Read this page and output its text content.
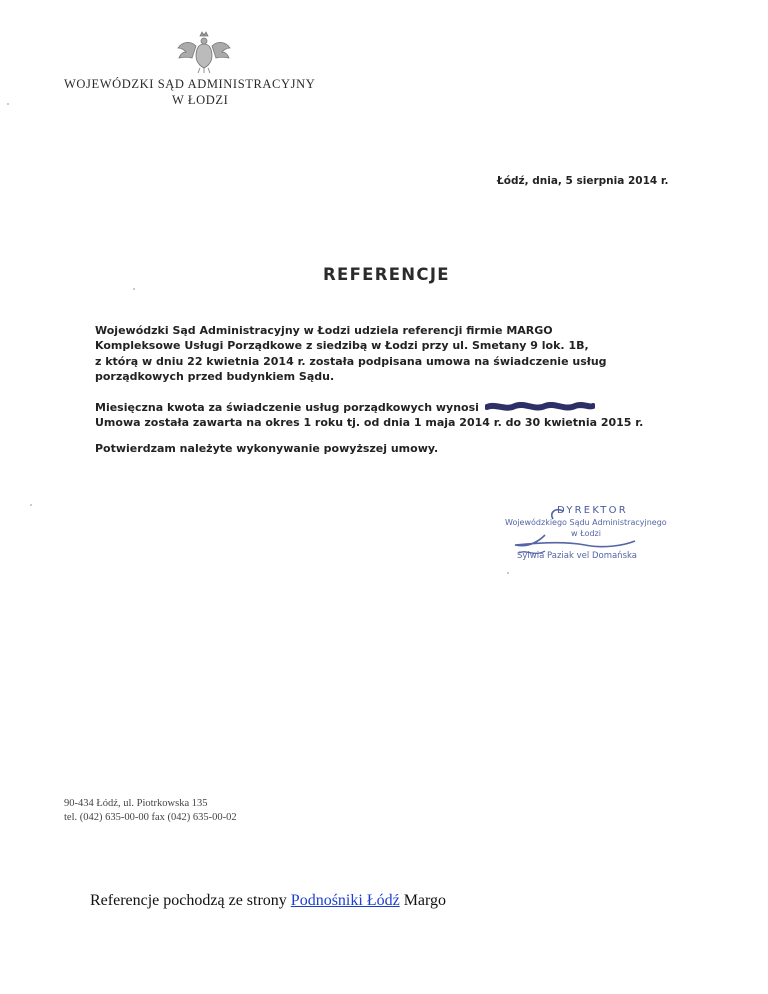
WOJEWÓDZKI SĄD ADMINISTRACYJNY
W ŁODZI
Łódź, dnia, 5 sierpnia 2014 r.
REFERENCJE
Wojewódzki Sąd Administracyjny w Łodzi udziela referencji firmie MARGO
Kompleksowe Usługi Porządkowe z siedzibą w Łodzi przy ul. Smetany 9 lok. 1B,
z którą w dniu 22 kwietnia 2014 r. została podpisana umowa na świadczenie usług
porządkowych przed budynkiem Sądu.
Miesięczna kwota za świadczenie usług porządkowych wynosi
Umowa została zawarta na okres 1 roku tj. od dnia 1 maja 2014 r. do 30 kwietnia 2015 r.
Potwierdzam należyte wykonywanie powyższej umowy.
DYREKTOR
Wojewódzkiego Sądu Administracyjnego
w Łodzi
Sylwia Paziak vel Domańska
90-434 Łódź, ul. Piotrkowska 135
tel. (042) 635-00-00 fax (042) 635-00-02
Referencje pochodzą ze strony Podnośniki Łódź Margo
